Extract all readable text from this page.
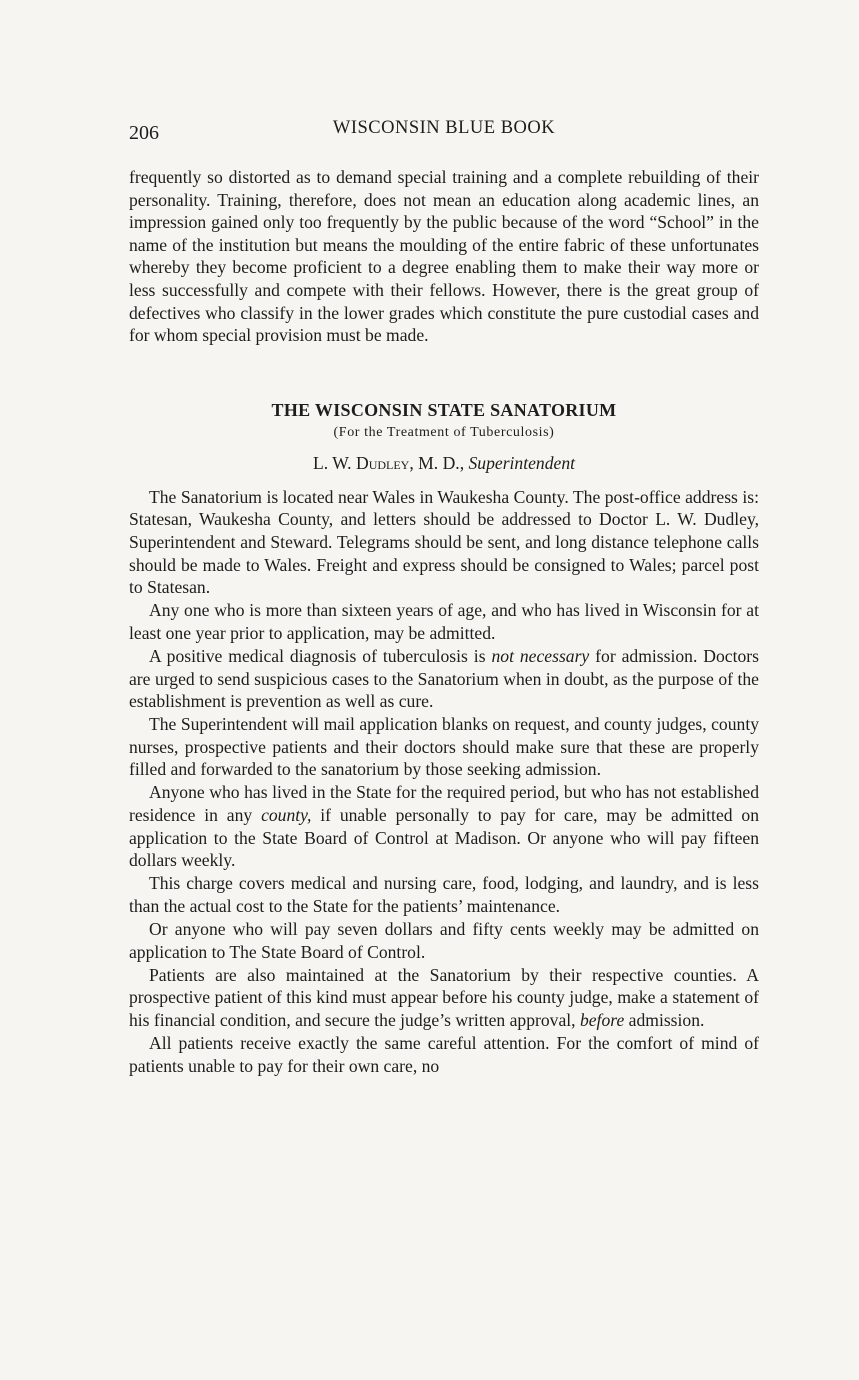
206	WISCONSIN BLUE BOOK

frequently so distorted as to demand special training and a complete rebuilding of their personality. Training, therefore, does not mean an education along academic lines, an impression gained only too frequently by the public because of the word “School” in the name of the institution but means the moulding of the entire fabric of these unfortunates whereby they become proficient to a degree enabling them to make their way more or less successfully and compete with their fellows. However, there is the great group of defectives who classify in the lower grades which constitute the pure custodial cases and for whom special provision must be made.

THE WISCONSIN STATE SANATORIUM
(For the Treatment of Tuberculosis)
L. W. Dudley, M. D., Superintendent

The Sanatorium is located near Wales in Waukesha County. The post-office address is: Statesan, Waukesha County, and letters should be addressed to Doctor L. W. Dudley, Superintendent and Steward. Telegrams should be sent, and long distance telephone calls should be made to Wales. Freight and express should be consigned to Wales; parcel post to Statesan.

Any one who is more than sixteen years of age, and who has lived in Wisconsin for at least one year prior to application, may be admitted.

A positive medical diagnosis of tuberculosis is not necessary for admission. Doctors are urged to send suspicious cases to the Sanatorium when in doubt, as the purpose of the establishment is prevention as well as cure.

The Superintendent will mail application blanks on request, and county judges, county nurses, prospective patients and their doctors should make sure that these are properly filled and forwarded to the sanatorium by those seeking admission.

Anyone who has lived in the State for the required period, but who has not established residence in any county, if unable personally to pay for care, may be admitted on application to the State Board of Control at Madison. Or anyone who will pay fifteen dollars weekly.

This charge covers medical and nursing care, food, lodging, and laundry, and is less than the actual cost to the State for the patients’ maintenance.

Or anyone who will pay seven dollars and fifty cents weekly may be admitted on application to The State Board of Control.

Patients are also maintained at the Sanatorium by their respective counties. A prospective patient of this kind must appear before his county judge, make a statement of his financial condition, and secure the judge’s written approval, before admission.

All patients receive exactly the same careful attention. For the comfort of mind of patients unable to pay for their own care, no
